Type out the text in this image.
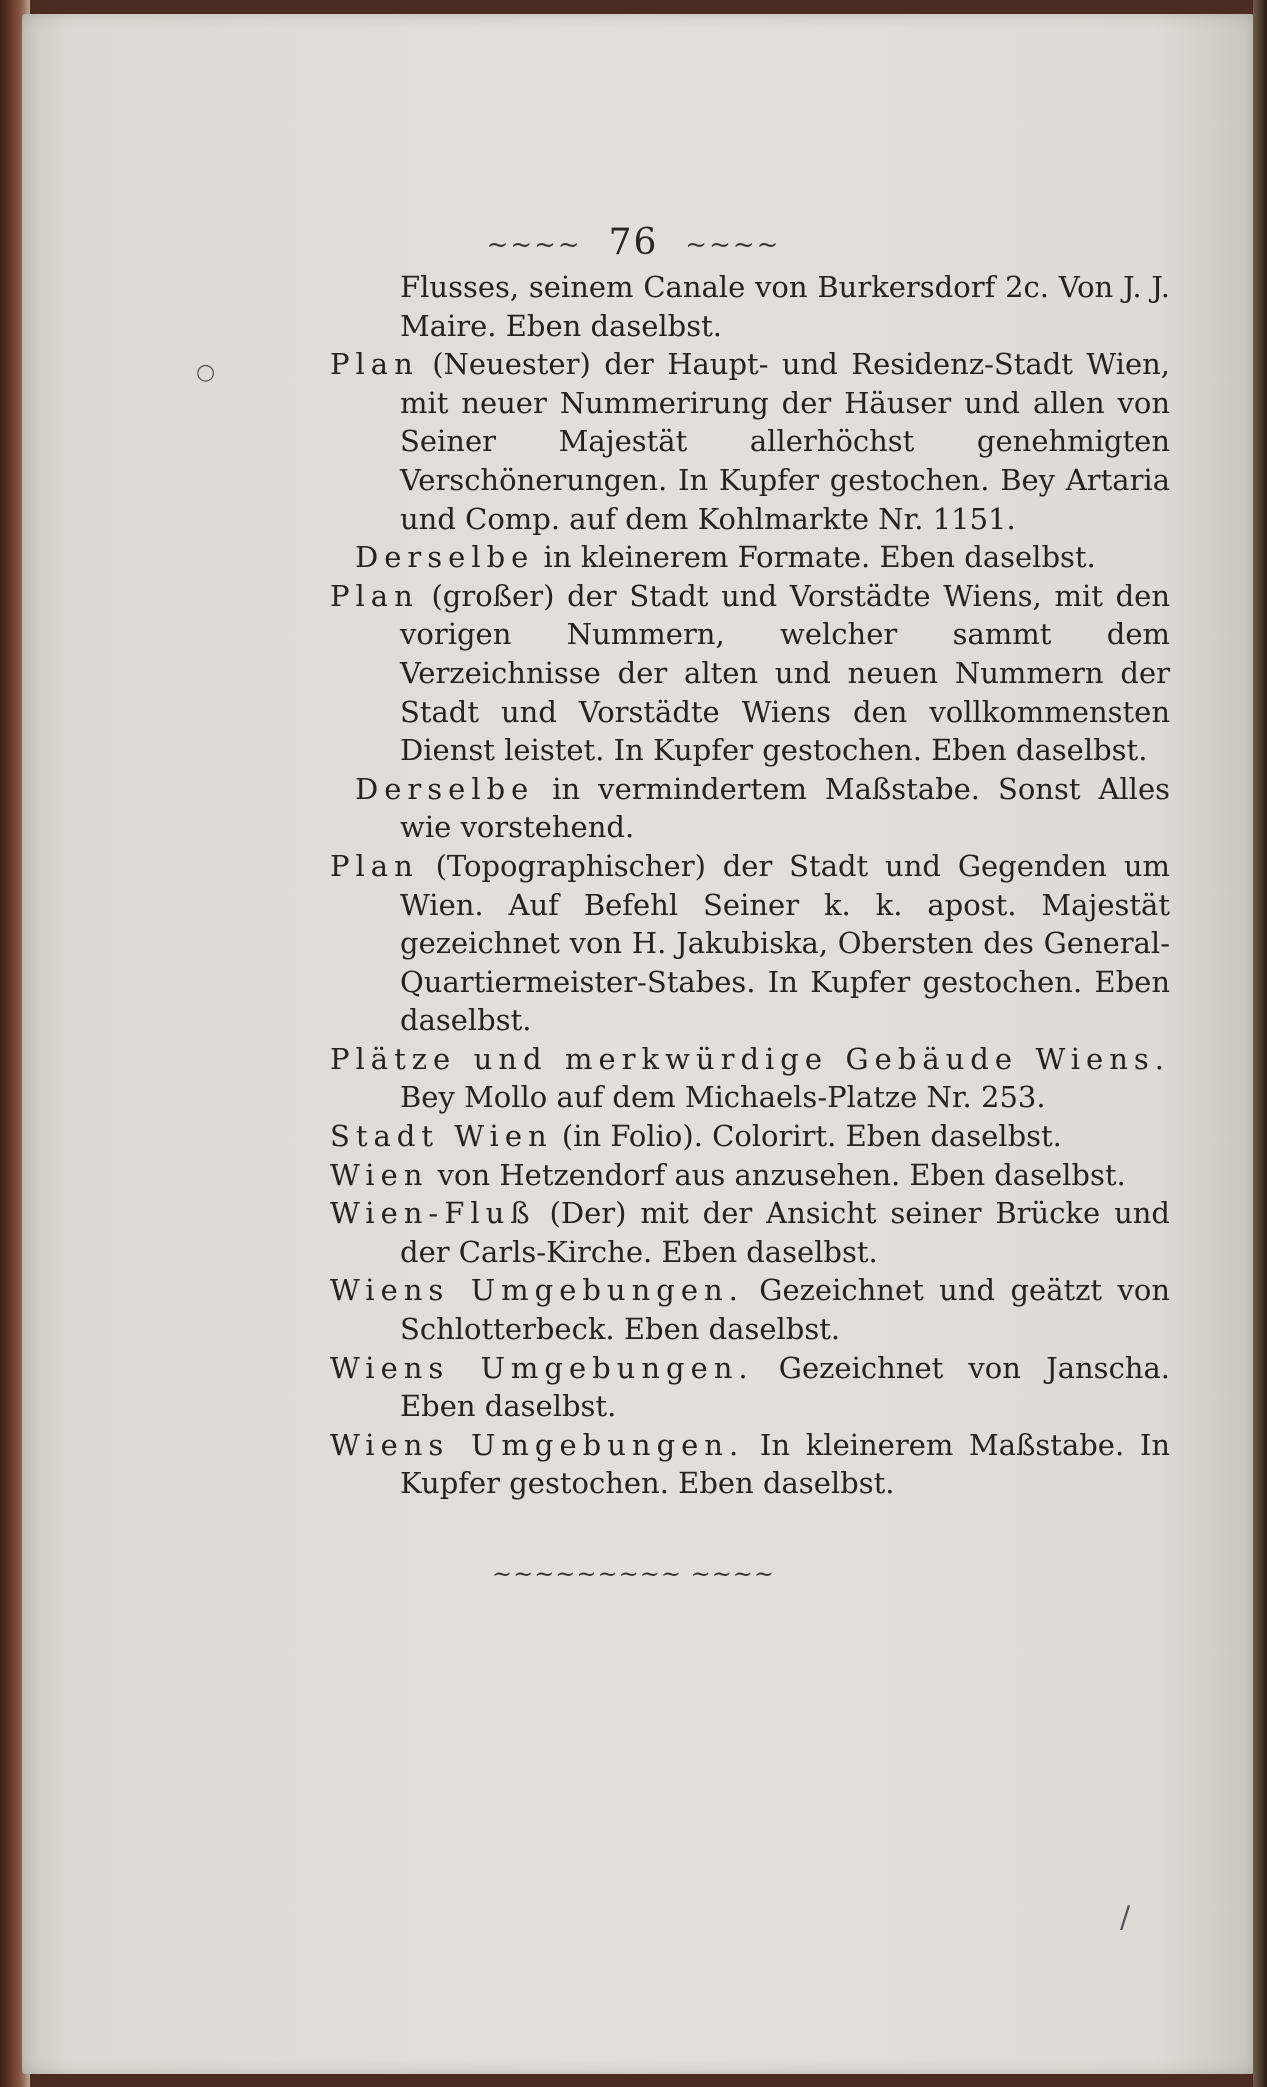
~~~~ 76 ~~~~

Flusses, seinem Canale von Burkersdorf 2c. Von J. J. Maire. Eben daselbst.

Plan (Neuester) der Haupt- und Residenz-Stadt Wien, mit neuer Nummerirung der Häuser und allen von Seiner Majestät allerhöchst genehmigten Verschönerungen. In Kupfer gestochen. Bey Artaria und Comp. auf dem Kohlmarkte Nr. 1151.

Derselbe in kleinerem Formate. Eben daselbst.

Plan (großer) der Stadt und Vorstädte Wiens, mit den vorigen Nummern, welcher sammt dem Verzeichnisse der alten und neuen Nummern der Stadt und Vorstädte Wiens den vollkommensten Dienst leistet. In Kupfer gestochen. Eben daselbst.

Derselbe in vermindertem Maßstabe. Sonst Alles wie vorstehend.

Plan (Topographischer) der Stadt und Gegenden um Wien. Auf Befehl Seiner k. k. apost. Majestät gezeichnet von H. Jakubiska, Obersten des General-Quartiermeister-Stabes. In Kupfer gestochen. Eben daselbst.

Plätze und merkwürdige Gebäude Wiens. Bey Mollo auf dem Michaels-Platze Nr. 253.

Stadt Wien (in Folio). Colorirt. Eben daselbst.

Wien von Hetzendorf aus anzusehen. Eben daselbst.

Wien-Fluß (Der) mit der Ansicht seiner Brücke und der Carls-Kirche. Eben daselbst.

Wiens Umgebungen. Gezeichnet und geätzt von Schlotterbeck. Eben daselbst.

Wiens Umgebungen. Gezeichnet von Janscha. Eben daselbst.

Wiens Umgebungen. In kleinerem Maßstabe. In Kupfer gestochen. Eben daselbst.

~~~~~~~~~ ~~~~
○
/
